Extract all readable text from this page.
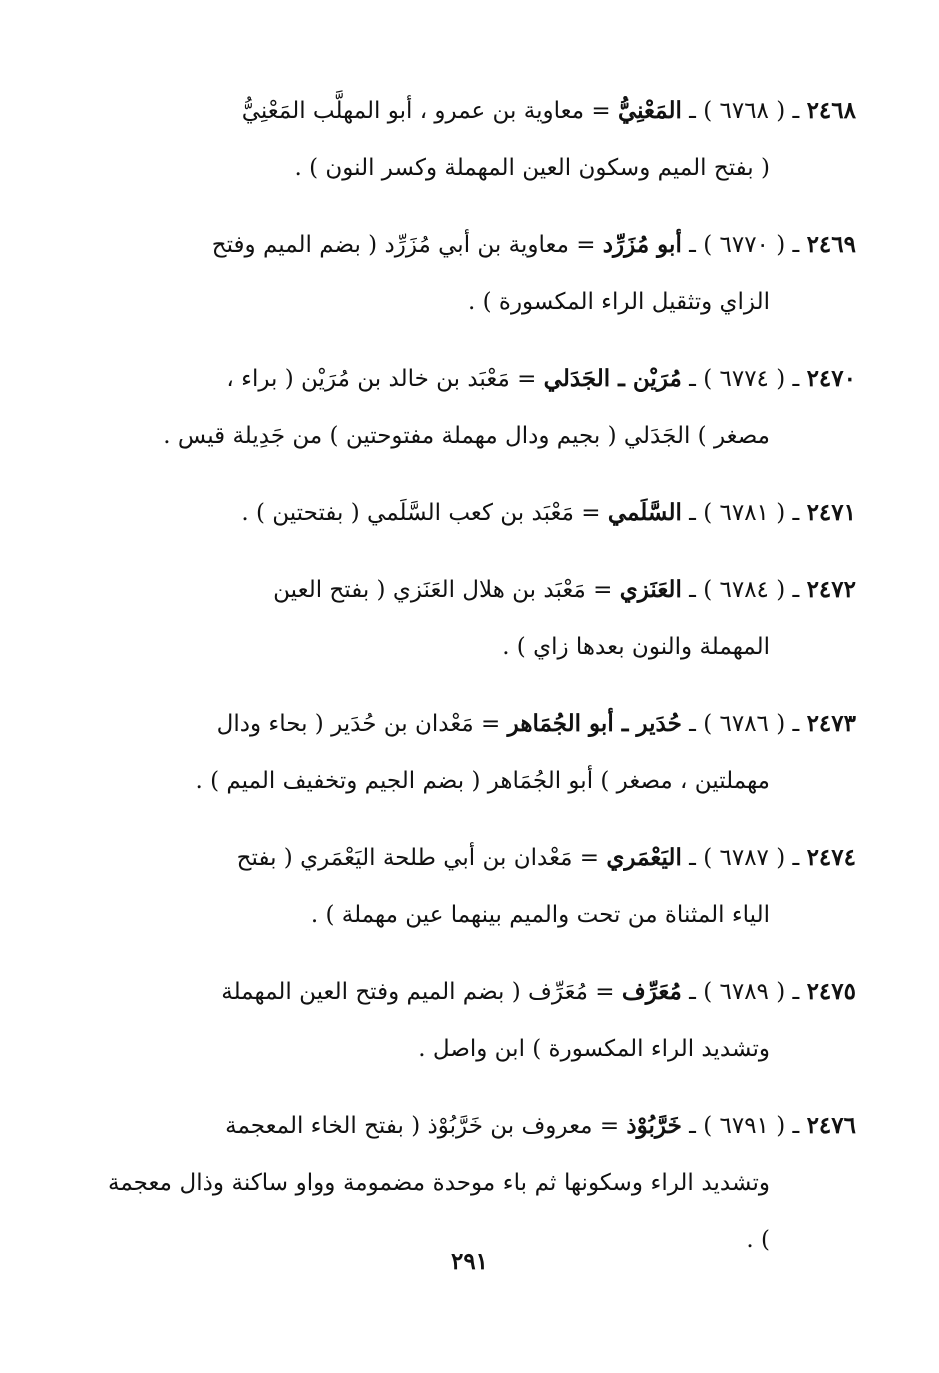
٢٤٦٨ ـ ( ٦٧٦٨ ) ـ المَعْنِيُّ = معاوية بن عمرو ، أبو المهلَّب المَعْنِيُّ
( بفتح الميم وسكون العين المهملة وكسر النون ) .
٢٤٦٩ ـ ( ٦٧٧٠ ) ـ أبو مُزَرِّد = معاوية بن أبي مُزَرِّد ( بضم الميم وفتح
الزاي وتثقيل الراء المكسورة ) .
٢٤٧٠ ـ ( ٦٧٧٤ ) ـ مُرَيْن ـ الجَدَلي = مَعْبَد بن خالد بن مُرَيْن ( براء ،
مصغر ) الجَدَلي ( بجيم ودال مهملة مفتوحتين ) من جَدِيلة قيس .
٢٤٧١ ـ ( ٦٧٨١ ) ـ السَّلَمي = مَعْبَد بن كعب السَّلَمي ( بفتحتين ) .
٢٤٧٢ ـ ( ٦٧٨٤ ) ـ العَنَزي = مَعْبَد بن هلال العَنَزي ( بفتح العين
المهملة والنون بعدها زاي ) .
٢٤٧٣ ـ ( ٦٧٨٦ ) ـ حُدَير ـ أبو الجُمَاهر = مَعْدان بن حُدَير ( بحاء ودال
مهملتين ، مصغر ) أبو الجُمَاهر ( بضم الجيم وتخفيف الميم ) .
٢٤٧٤ ـ ( ٦٧٨٧ ) ـ اليَعْمَري = مَعْدان بن أبي طلحة اليَعْمَري ( بفتح
الياء المثناة من تحت والميم بينهما عين مهملة ) .
٢٤٧٥ ـ ( ٦٧٨٩ ) ـ مُعَرِّف = مُعَرِّف ( بضم الميم وفتح العين المهملة
وتشديد الراء المكسورة ) ابن واصل .
٢٤٧٦ ـ ( ٦٧٩١ ) ـ خَرَّبُوْذ = معروف بن خَرَّبُوْذ ( بفتح الخاء المعجمة
وتشديد الراء وسكونها ثم باء موحدة مضمومة وواو ساكنة وذال معجمة ) .
٢٩١
